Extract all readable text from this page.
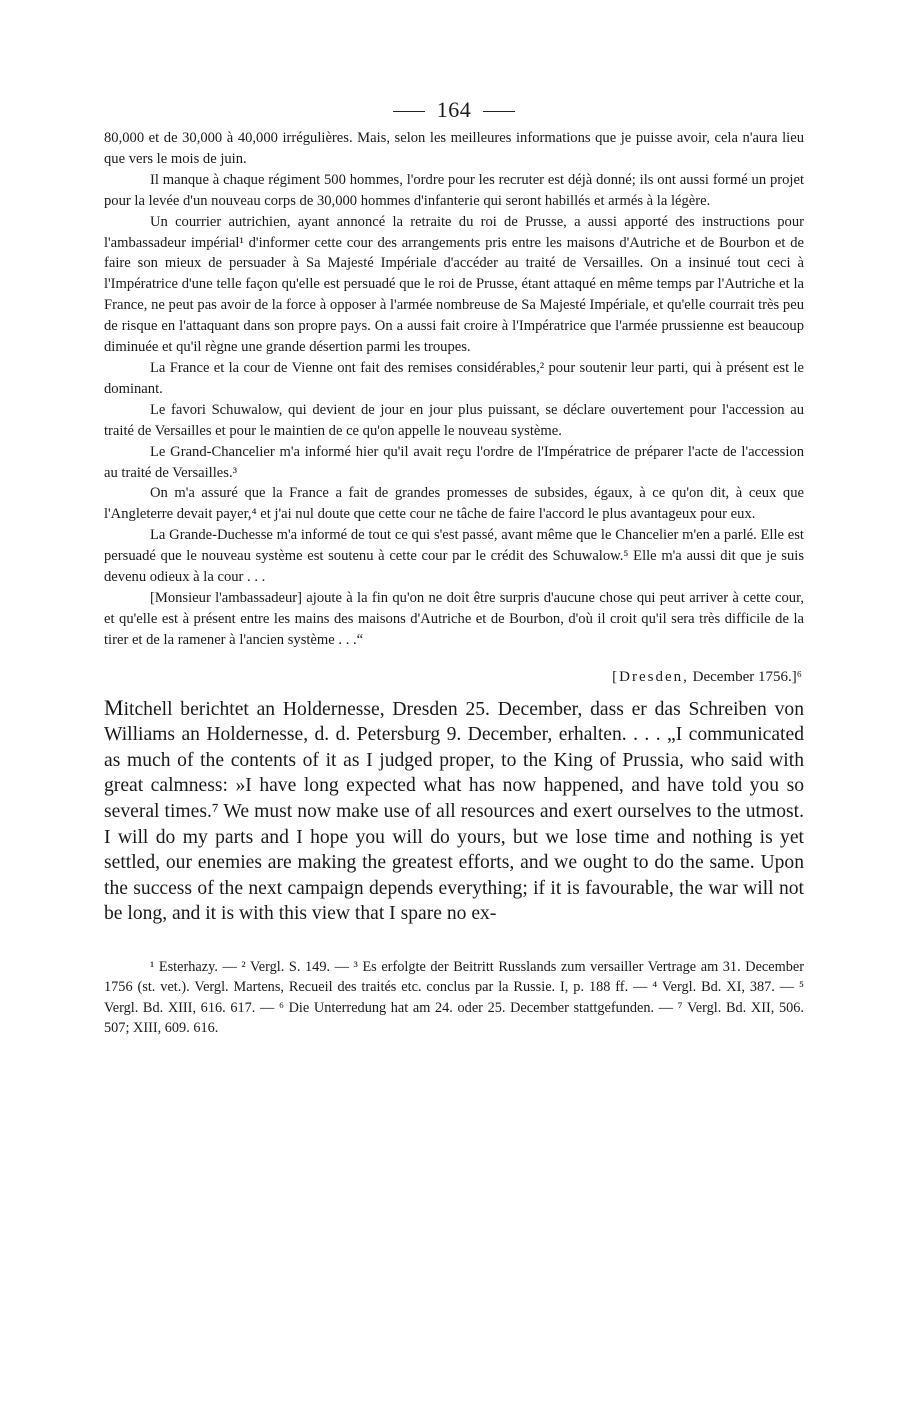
164

80,000 et de 30,000 à 40,000 irrégulières. Mais, selon les meilleures informations que je puisse avoir, cela n'aura lieu que vers le mois de juin.

Il manque à chaque régiment 500 hommes, l'ordre pour les recruter est déjà donné; ils ont aussi formé un projet pour la levée d'un nouveau corps de 30,000 hommes d'infanterie qui seront habillés et armés à la légère.

Un courrier autrichien, ayant annoncé la retraite du roi de Prusse, a aussi apporté des instructions pour l'ambassadeur impérial¹ d'informer cette cour des arrangements pris entre les maisons d'Autriche et de Bourbon et de faire son mieux de persuader à Sa Majesté Impériale d'accéder au traité de Versailles. On a insinué tout ceci à l'Impératrice d'une telle façon qu'elle est persuadé que le roi de Prusse, étant attaqué en même temps par l'Autriche et la France, ne peut pas avoir de la force à opposer à l'armée nombreuse de Sa Majesté Impériale, et qu'elle courrait très peu de risque en l'attaquant dans son propre pays. On a aussi fait croire à l'Impératrice que l'armée prussienne est beaucoup diminuée et qu'il règne une grande désertion parmi les troupes.

La France et la cour de Vienne ont fait des remises considérables,² pour soutenir leur parti, qui à présent est le dominant.

Le favori Schuwalow, qui devient de jour en jour plus puissant, se déclare ouvertement pour l'accession au traité de Versailles et pour le maintien de ce qu'on appelle le nouveau système.

Le Grand-Chancelier m'a informé hier qu'il avait reçu l'ordre de l'Impératrice de préparer l'acte de l'accession au traité de Versailles.³

On m'a assuré que la France a fait de grandes promesses de subsides, égaux, à ce qu'on dit, à ceux que l'Angleterre devait payer,⁴ et j'ai nul doute que cette cour ne tâche de faire l'accord le plus avantageux pour eux.

La Grande-Duchesse m'a informé de tout ce qui s'est passé, avant même que le Chancelier m'en a parlé. Elle est persuadé que le nouveau système est soutenu à cette cour par le crédit des Schuwalow.⁵ Elle m'a aussi dit que je suis devenu odieux à la cour . . .

[Monsieur l'ambassadeur] ajoute à la fin qu'on ne doit être surpris d'aucune chose qui peut arriver à cette cour, et qu'elle est à présent entre les mains des maisons d'Autriche et de Bourbon, d'où il croit qu'il sera très difficile de la tirer et de la ramener à l'ancien système . . .“

[Dresden, December 1756.]⁶

Mitchell berichtet an Holdernesse, Dresden 25. December, dass er das Schreiben von Williams an Holdernesse, d. d. Petersburg 9. December, erhalten. . . . „I communicated as much of the contents of it as I judged proper, to the King of Prussia, who said with great calmness: »I have long expected what has now happened, and have told you so several times.⁷ We must now make use of all resources and exert ourselves to the utmost. I will do my parts and I hope you will do yours, but we lose time and nothing is yet settled, our enemies are making the greatest efforts, and we ought to do the same. Upon the success of the next campaign depends everything; if it is favourable, the war will not be long, and it is with this view that I spare no ex-

¹ Esterhazy. — ² Vergl. S. 149. — ³ Es erfolgte der Beitritt Russlands zum versailler Vertrage am 31. December 1756 (st. vet.). Vergl. Martens, Recueil des traités etc. conclus par la Russie. I, p. 188 ff. — ⁴ Vergl. Bd. XI, 387. — ⁵ Vergl. Bd. XIII, 616. 617. — ⁶ Die Unterredung hat am 24. oder 25. December stattgefunden. — ⁷ Vergl. Bd. XII, 506. 507; XIII, 609. 616.
